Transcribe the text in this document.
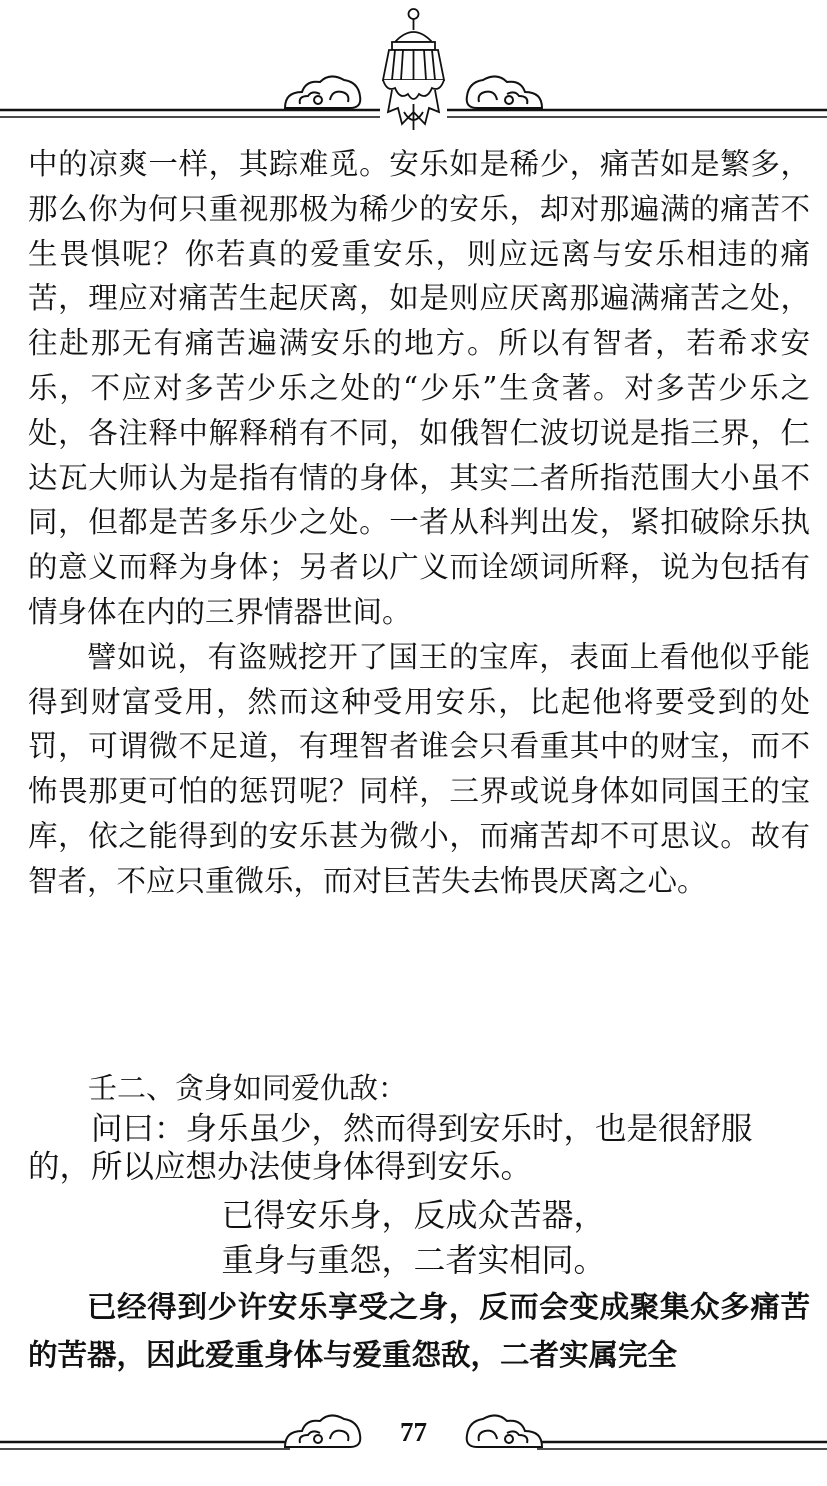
中的凉爽一样，其踪难觅。安乐如是稀少，痛苦如是繁多，那么你为何只重视那极为稀少的安乐，却对那遍满的痛苦不生畏惧呢？你若真的爱重安乐，则应远离与安乐相违的痛苦，理应对痛苦生起厌离，如是则应厌离那遍满痛苦之处，往赴那无有痛苦遍满安乐的地方。所以有智者，若希求安乐，不应对多苦少乐之处的“少乐”生贪著。对多苦少乐之处，各注释中解释稍有不同，如俄智仁波切说是指三界，仁达瓦大师认为是指有情的身体，其实二者所指范围大小虽不同，但都是苦多乐少之处。一者从科判出发，紧扣破除乐执的意义而释为身体；另者以广义而诠颂词所释，说为包括有情身体在内的三界情器世间。

譬如说，有盗贼挖开了国王的宝库，表面上看他似乎能得到财富受用，然而这种受用安乐，比起他将要受到的处罚，可谓微不足道，有理智者谁会只看重其中的财宝，而不怖畏那更可怕的惩罚呢？同样，三界或说身体如同国王的宝库，依之能得到的安乐甚为微小，而痛苦却不可思议。故有智者，不应只重微乐，而对巨苦失去怖畏厌离之心。

壬二、贪身如同爱仇敌：

问曰：身乐虽少，然而得到安乐时，也是很舒服的，所以应想办法使身体得到安乐。

已得安乐身，反成众苦器，
重身与重怨，二者实相同。

已经得到少许安乐享受之身，反而会变成聚集众多痛苦的苦器，因此爱重身体与爱重怨敌，二者实属完全

77
